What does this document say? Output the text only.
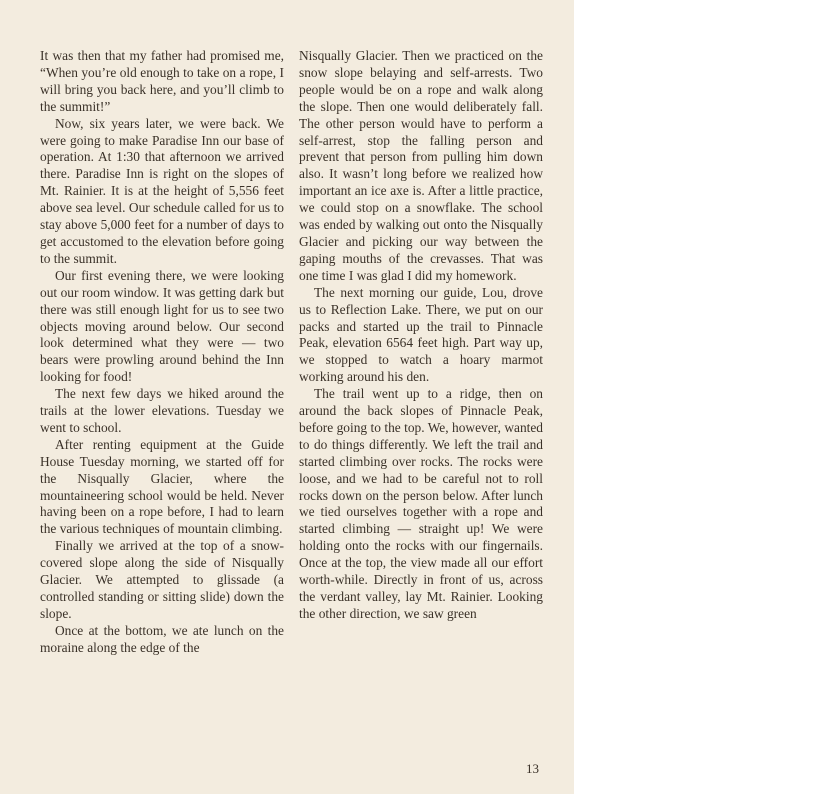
It was then that my father had promised me, “When you’re old enough to take on a rope, I will bring you back here, and you’ll climb to the summit!”

Now, six years later, we were back. We were going to make Paradise Inn our base of operation. At 1:30 that afternoon we arrived there. Paradise Inn is right on the slopes of Mt. Rainier. It is at the height of 5,556 feet above sea level. Our schedule called for us to stay above 5,000 feet for a number of days to get accustomed to the elevation before going to the summit.

Our first evening there, we were looking out our room window. It was getting dark but there was still enough light for us to see two objects moving around below. Our second look determined what they were — two bears were prowling around behind the Inn looking for food!

The next few days we hiked around the trails at the lower elevations. Tuesday we went to school.

After renting equipment at the Guide House Tuesday morning, we started off for the Nisqually Glacier, where the mountaineering school would be held. Never having been on a rope before, I had to learn the various techniques of mountain climbing.

Finally we arrived at the top of a snow-covered slope along the side of Nisqually Glacier. We attempted to glissade (a controlled standing or sitting slide) down the slope.

Once at the bottom, we ate lunch on the moraine along the edge of the

Nisqually Glacier. Then we practiced on the snow slope belaying and self-arrests. Two people would be on a rope and walk along the slope. Then one would deliberately fall. The other person would have to perform a self-arrest, stop the falling person and prevent that person from pulling him down also. It wasn’t long before we realized how important an ice axe is. After a little practice, we could stop on a snowflake. The school was ended by walking out onto the Nisqually Glacier and picking our way between the gaping mouths of the crevasses. That was one time I was glad I did my homework.

The next morning our guide, Lou, drove us to Reflection Lake. There, we put on our packs and started up the trail to Pinnacle Peak, elevation 6564 feet high. Part way up, we stopped to watch a hoary marmot working around his den.

The trail went up to a ridge, then on around the back slopes of Pinnacle Peak, before going to the top. We, however, wanted to do things differently. We left the trail and started climbing over rocks. The rocks were loose, and we had to be careful not to roll rocks down on the person below. After lunch we tied ourselves together with a rope and started climbing — straight up! We were holding onto the rocks with our fingernails. Once at the top, the view made all our effort worth-while. Directly in front of us, across the verdant valley, lay Mt. Rainier. Looking the other direction, we saw green

13
